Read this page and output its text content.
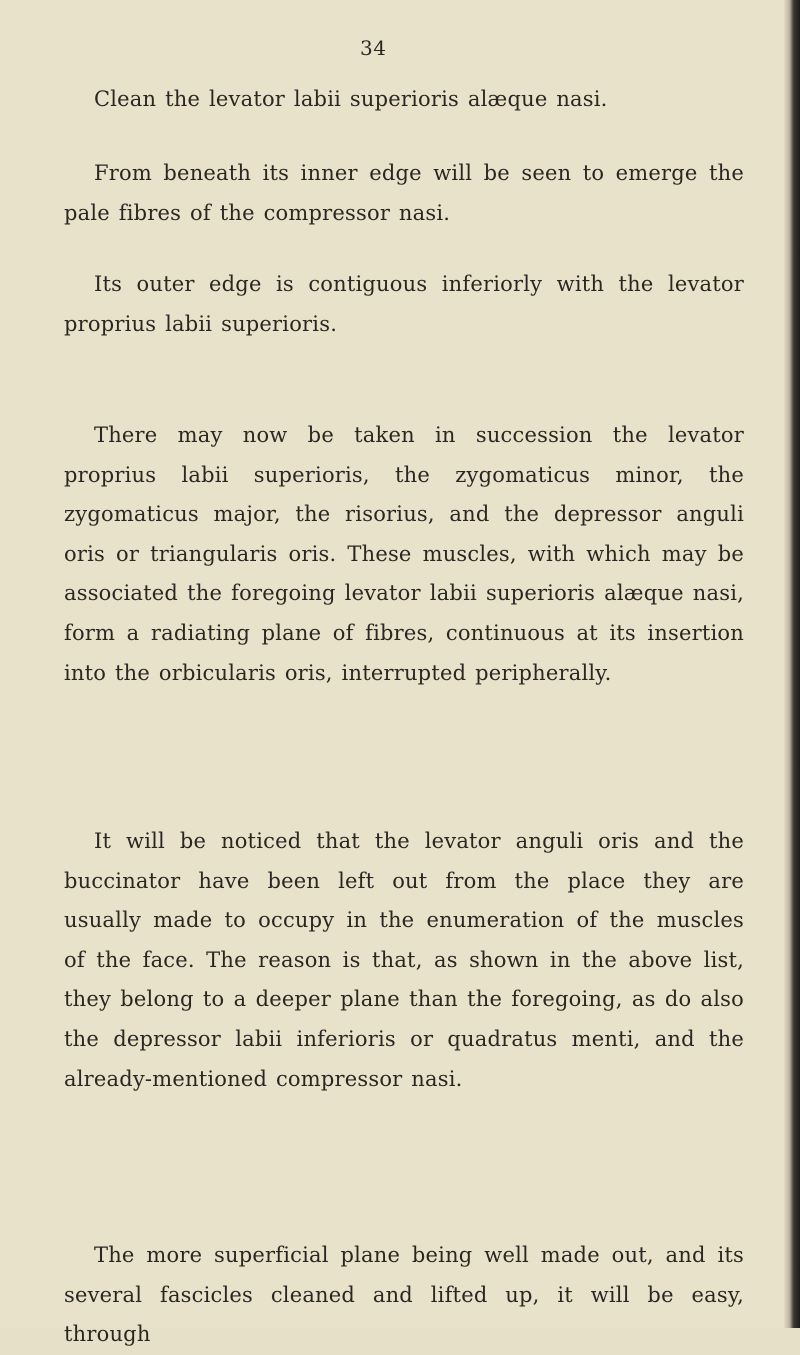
34

Clean the levator labii superioris alæque nasi.

From beneath its inner edge will be seen to emerge the pale fibres of the compressor nasi.

Its outer edge is contiguous inferiorly with the levator proprius labii superioris.

There may now be taken in succession the levator proprius labii superioris, the zygomaticus minor, the zygomaticus major, the risorius, and the depressor anguli oris or triangularis oris. These muscles, with which may be associated the foregoing levator labii superioris alæque nasi, form a radiating plane of fibres, continuous at its insertion into the orbicularis oris, interrupted peripherally.

It will be noticed that the levator anguli oris and the buccinator have been left out from the place they are usually made to occupy in the enumeration of the muscles of the face. The reason is that, as shown in the above list, they belong to a deeper plane than the foregoing, as do also the depressor labii inferioris or quadratus menti, and the already-mentioned compressor nasi.

The more superficial plane being well made out, and its several fascicles cleaned and lifted up, it will be easy, through
